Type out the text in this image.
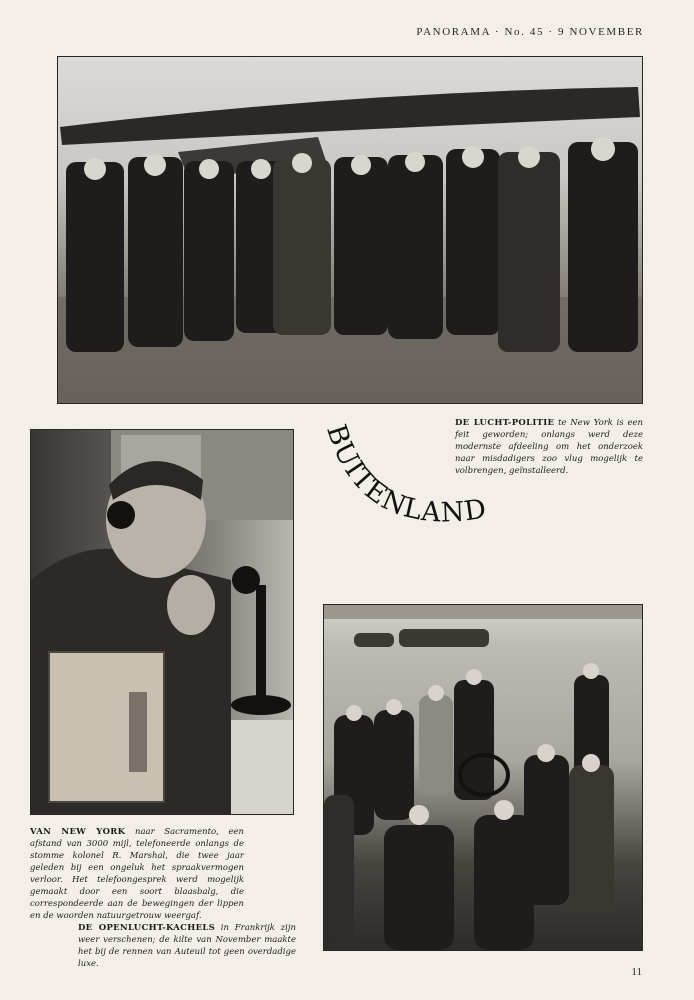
PANORAMA · No. 45 · 9 NOVEMBER
DE LUCHT-POLITIE te New York is een feit geworden; onlangs werd deze modernste afdeeling om het onderzoek naar misdadigers zoo vlug mogelijk te volbrengen, geïnstalleerd.
BUITENLAND
VAN NEW YORK naar Sacramento, een afstand van 3000 mijl, telefoneerde onlangs de stomme kolonel R. Marshal, die twee jaar geleden bij een ongeluk het spraakvermogen verloor. Het telefoongesprek werd mogelijk gemaakt door een soort blaasbalg, die correspondeerde aan de bewegingen der lippen en de woorden natuurgetrouw weergaf.
DE OPENLUCHT-KACHELS in Frankrijk zijn weer verschenen; de kilte van November maakte het bij de rennen van Auteuil tot geen overdadige luxe.
11
